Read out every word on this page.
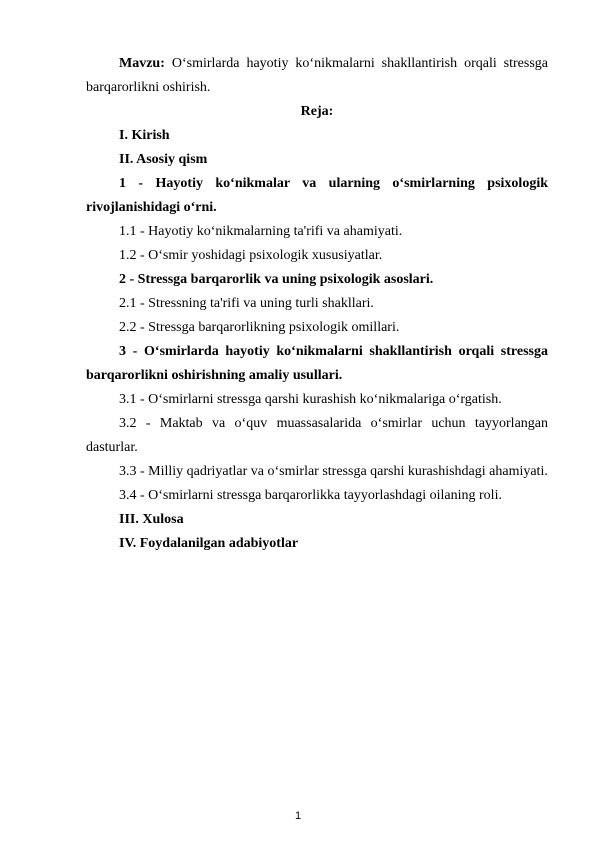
Mavzu: O‘smirlarda hayotiy ko‘nikmalarni shakllantirish orqali stressga barqarorlikni oshirish.

Reja:

I. Kirish

II. Asosiy qism

1 - Hayotiy ko‘nikmalar va ularning o‘smirlarning psixologik rivojlanishidagi o‘rni.

1.1 - Hayotiy ko‘nikmalarning ta'rifi va ahamiyati.

1.2 - O‘smir yoshidagi psixologik xususiyatlar.

2 - Stressga barqarorlik va uning psixologik asoslari.

2.1 - Stressning ta'rifi va uning turli shakllari.

2.2 - Stressga barqarorlikning psixologik omillari.

3 - O‘smirlarda hayotiy ko‘nikmalarni shakllantirish orqali stressga barqarorlikni oshirishning amaliy usullari.

3.1 - O‘smirlarni stressga qarshi kurashish ko‘nikmalariga o‘rgatish.

3.2 - Maktab va o‘quv muassasalarida o‘smirlar uchun tayyorlangan dasturlar.

3.3 - Milliy qadriyatlar va o‘smirlar stressga qarshi kurashishdagi ahamiyati.

3.4 - O‘smirlarni stressga barqarorlikka tayyorlashdagi oilaning roli.

III. Xulosa

IV. Foydalanilgan adabiyotlar

1
